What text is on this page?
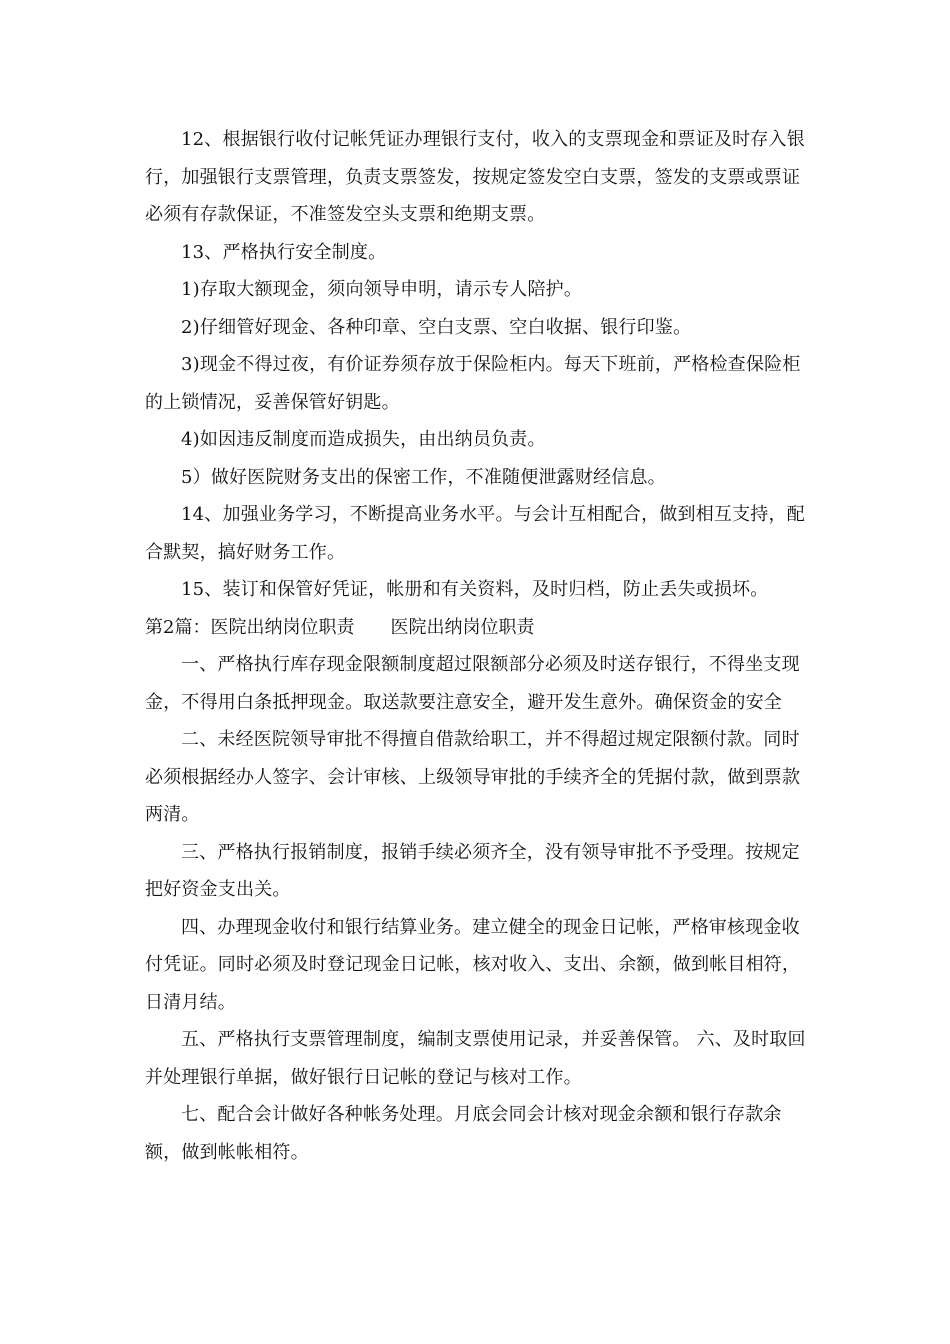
12、根据银行收付记帐凭证办理银行支付，收入的支票现金和票证及时存入银行，加强银行支票管理，负责支票签发，按规定签发空白支票，签发的支票或票证必须有存款保证，不准签发空头支票和绝期支票。

13、严格执行安全制度。

1)存取大额现金，须向领导申明，请示专人陪护。

2)仔细管好现金、各种印章、空白支票、空白收据、银行印鉴。

3)现金不得过夜，有价证券须存放于保险柜内。每天下班前，严格检查保险柜的上锁情况，妥善保管好钥匙。

4)如因违反制度而造成损失，由出纳员负责。

5）做好医院财务支出的保密工作，不准随便泄露财经信息。

14、加强业务学习，不断提高业务水平。与会计互相配合，做到相互支持，配合默契，搞好财务工作。

15、装订和保管好凭证，帐册和有关资料，及时归档，防止丢失或损坏。

第2篇：医院出纳岗位职责 医院出纳岗位职责

一、严格执行库存现金限额制度超过限额部分必须及时送存银行，不得坐支现金，不得用白条抵押现金。取送款要注意安全，避开发生意外。确保资金的安全

二、未经医院领导审批不得擅自借款给职工，并不得超过规定限额付款。同时必须根据经办人签字、会计审核、上级领导审批的手续齐全的凭据付款，做到票款两清。

三、严格执行报销制度，报销手续必须齐全，没有领导审批不予受理。按规定把好资金支出关。

四、办理现金收付和银行结算业务。建立健全的现金日记帐，严格审核现金收付凭证。同时必须及时登记现金日记帐，核对收入、支出、余额，做到帐目相符，日清月结。

五、严格执行支票管理制度，编制支票使用记录，并妥善保管。 六、及时取回并处理银行单据，做好银行日记帐的登记与核对工作。

七、配合会计做好各种帐务处理。月底会同会计核对现金余额和银行存款余额，做到帐帐相符。
